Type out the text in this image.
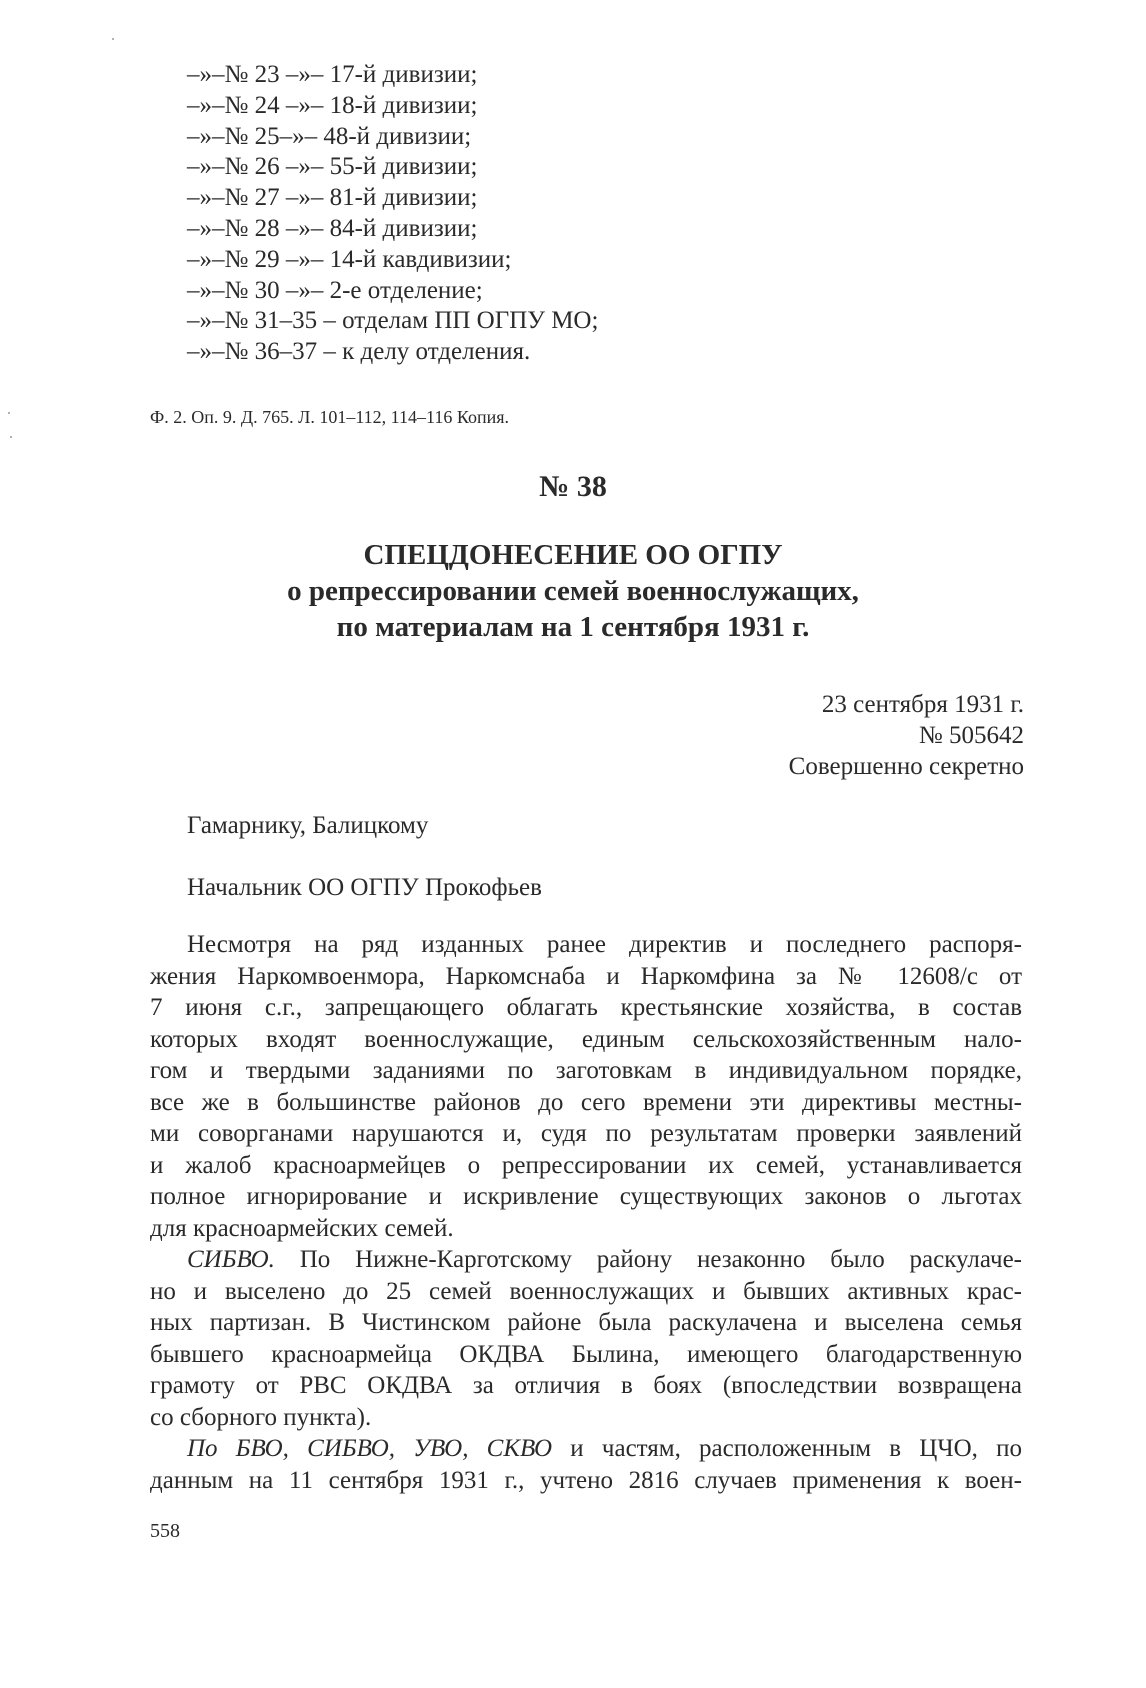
–»–№ 23 –»– 17-й дивизии;
–»–№ 24 –»– 18-й дивизии;
–»–№ 25–»– 48-й дивизии;
–»–№ 26 –»– 55-й дивизии;
–»–№ 27 –»– 81-й дивизии;
–»–№ 28 –»– 84-й дивизии;
–»–№ 29 –»– 14-й кавдивизии;
–»–№ 30 –»– 2-е отделение;
–»–№ 31–35 – отделам ПП ОГПУ МО;
–»–№ 36–37 – к делу отделения.
Ф. 2. Оп. 9. Д. 765. Л. 101–112, 114–116 Копия.
№ 38
СПЕЦДОНЕСЕНИЕ ОО ОГПУ
о репрессировании семей военнослужащих,
по материалам на 1 сентября 1931 г.
23 сентября 1931 г.
№ 505642
Совершенно секретно
Гамарнику, Балицкому
Начальник ОО ОГПУ Прокофьев
Несмотря на ряд изданных ранее директив и последнего распоря-
жения Наркомвоенмора, Наркомснаба и Наркомфина за № 12608/с от
7 июня с.г., запрещающего облагать крестьянские хозяйства, в состав
которых входят военнослужащие, единым сельскохозяйственным нало-
гом и твердыми заданиями по заготовкам в индивидуальном порядке,
все же в большинстве районов до сего времени эти директивы местны-
ми соворганами нарушаются и, судя по результатам проверки заявлений
и жалоб красноармейцев о репрессировании их семей, устанавливается
полное игнорирование и искривление существующих законов о льготах
для красноармейских семей.
СИБВО. По Нижне-Карготскому району незаконно было раскулаче-
но и выселено до 25 семей военнослужащих и бывших активных крас-
ных партизан. В Чистинском районе была раскулачена и выселена семья
бывшего красноармейца ОКДВА Былина, имеющего благодарственную
грамоту от РВС ОКДВА за отличия в боях (впоследствии возвращена
со сборного пункта).
По БВО, СИБВО, УВО, СКВО и частям, расположенным в ЦЧО, по
данным на 11 сентября 1931 г., учтено 2816 случаев применения к воен-
558
